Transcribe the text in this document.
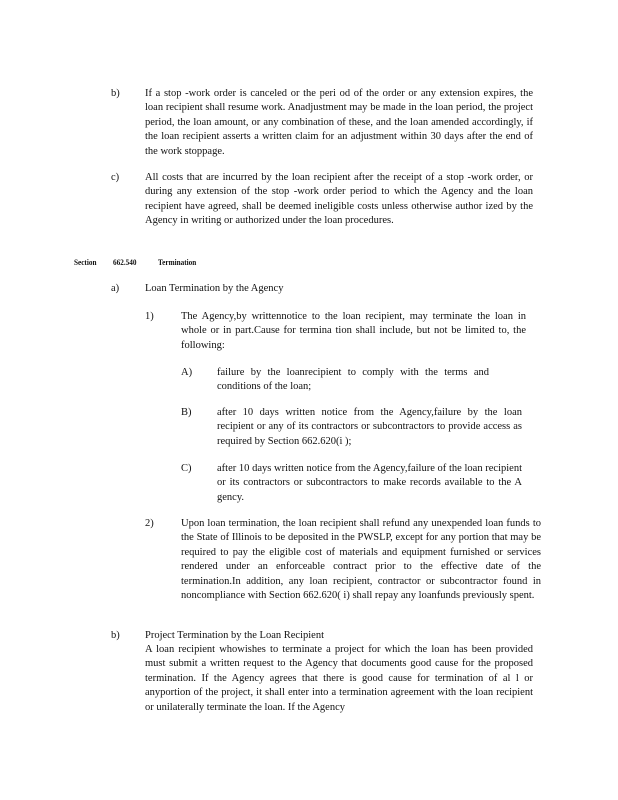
b) If a stop -work order is canceled or the peri od of the order or any extension expires, the loan recipient shall resume work. Anadjustment may be made in the loan period, the project period, the loan amount, or any combination of these, and the loan amended accordingly, if the loan recipient asserts a written claim for an adjustment within 30 days after the end of the work stoppage.
c) All costs that are incurred by the loan recipient after the receipt of a stop -work order, or during any extension of the stop -work order period to which the Agency and the loan recipient have agreed, shall be deemed ineligible costs unless otherwise author ized by the Agency in writing or authorized under the loan procedures.
Section 662.540	Termination
a) Loan Termination by the Agency
1)	The Agency,by writtennotice to the loan recipient, may terminate the loan in whole or in part.Cause for termina tion shall include, but not be limited to, the following:
A) failure by the loanrecipient to comply with the terms and conditions of the loan;
B) after 10 days written notice from the Agency,failure by the loan recipient or any of its contractors or subcontractors to provide access as required by Section 662.620(i );
C) after 10 days written notice from the Agency,failure of the loan recipient or its contractors or subcontractors to make records available to the A gency.
2)	Upon loan termination, the loan recipient shall refund any unexpended loan funds to the State of Illinois to be deposited in the PWSLP, except for any portion that may be required to pay the eligible cost of materials and equipment furnished or services rendered under an enforceable contract prior to the effective date of the termination.In addition, any loan recipient, contractor or subcontractor found in noncompliance with Section 662.620( i) shall repay any loanfunds previously spent.
b) Project Termination by the Loan Recipient
A loan recipient whowishes to terminate a project for which the loan has been provided must submit a written request to the Agency that documents good cause for the proposed termination. If the Agency agrees that there is good cause for termination of al l or anyportion of the project, it shall enter into a termination agreement with the loan recipient or unilaterally terminate the loan. If the Agency
